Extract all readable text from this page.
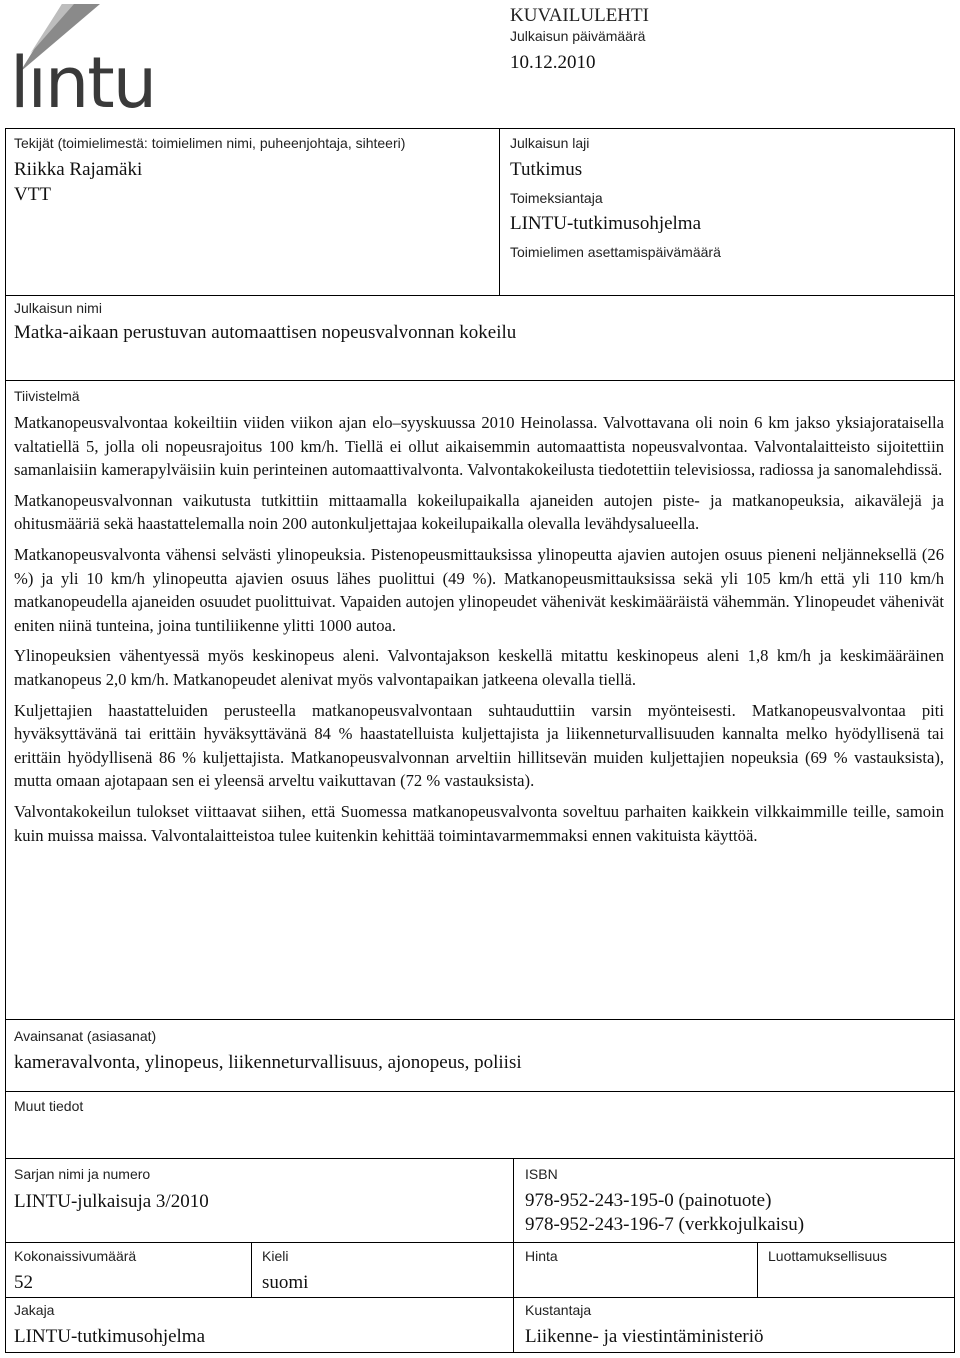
lıntu
KUVAILULEHTI
Julkaisun päivämäärä
10.12.2010
Tekijät (toimielimestä: toimielimen nimi, puheenjohtaja, sihteeri)
Riikka Rajamäki
VTT
Julkaisun laji
Tutkimus
Toimeksiantaja
LINTU-tutkimusohjelma
Toimielimen asettamispäivämäärä
Julkaisun nimi
Matka-aikaan perustuvan automaattisen nopeusvalvonnan kokeilu
Tiivistelmä

Matkanopeusvalvontaa kokeiltiin viiden viikon ajan elo–syyskuussa 2010 Heinolassa. Valvottavana oli noin 6 km jakso yksiajorataisella valtatiellä 5, jolla oli nopeusrajoitus 100 km/h. Tiellä ei ollut aikaisemmin automaattista nopeusvalvontaa. Valvontalaitteisto sijoitettiin samanlaisiin kamerapylväisiin kuin perinteinen automaattivalvonta. Valvontakokeilusta tiedotettiin televisiossa, radiossa ja sanomalehdissä.

Matkanopeusvalvonnan vaikutusta tutkittiin mittaamalla kokeilupaikalla ajaneiden autojen piste- ja matkanopeuksia, aikavälejä ja ohitusmääriä sekä haastattelemalla noin 200 autonkuljettajaa kokeilupaikalla olevalla levähdysalueella.

Matkanopeusvalvonta vähensi selvästi ylinopeuksia. Pistenopeusmittauksissa ylinopeutta ajavien autojen osuus pieneni neljänneksellä (26 %) ja yli 10 km/h ylinopeutta ajavien osuus lähes puolittui (49 %). Matkanopeusmittauksissa sekä yli 105 km/h että yli 110 km/h matkanopeudella ajaneiden osuudet puolittuivat. Vapaiden autojen ylinopeudet vähenivät keskimääräistä vähemmän. Ylinopeudet vähenivät eniten niinä tunteina, joina tuntiliikenne ylitti 1000 autoa.

Ylinopeuksien vähentyessä myös keskinopeus aleni. Valvontajakson keskellä mitattu keskinopeus aleni 1,8 km/h ja keskimääräinen matkanopeus 2,0 km/h. Matkanopeudet alenivat myös valvontapaikan jatkeena olevalla tiellä.

Kuljettajien haastatteluiden perusteella matkanopeusvalvontaan suhtauduttiin varsin myönteisesti. Matkanopeusvalvontaa piti hyväksyttävänä tai erittäin hyväksyttävänä 84 % haastatelluista kuljettajista ja liikenneturvallisuuden kannalta melko hyödyllisenä tai erittäin hyödyllisenä 86 % kuljettajista. Matkanopeusvalvonnan arveltiin hillitsevän muiden kuljettajien nopeuksia (69 % vastauksista), mutta omaan ajotapaan sen ei yleensä arveltu vaikuttavan (72 % vastauksista).

Valvontakokeilun tulokset viittaavat siihen, että Suomessa matkanopeusvalvonta soveltuu parhaiten kaikkein vilkkaimmille teille, samoin kuin muissa maissa. Valvontalaitteistoa tulee kuitenkin kehittää toimintavarmemmaksi ennen vakituista käyttöä.

Avainsanat (asiasanat)
kameravalvonta, ylinopeus, liikenneturvallisuus, ajonopeus, poliisi
Muut tiedot
Sarjan nimi ja numero
LINTU-julkaisuja 3/2010
ISBN
978-952-243-195-0 (painotuote)
978-952-243-196-7 (verkkojulkaisu)
Kokonaissivumäärä
52
Kieli
suomi
Hinta	Luottamuksellisuus
Jakaja
LINTU-tutkimusohjelma
Kustantaja
Liikenne- ja viestintäministeriö
